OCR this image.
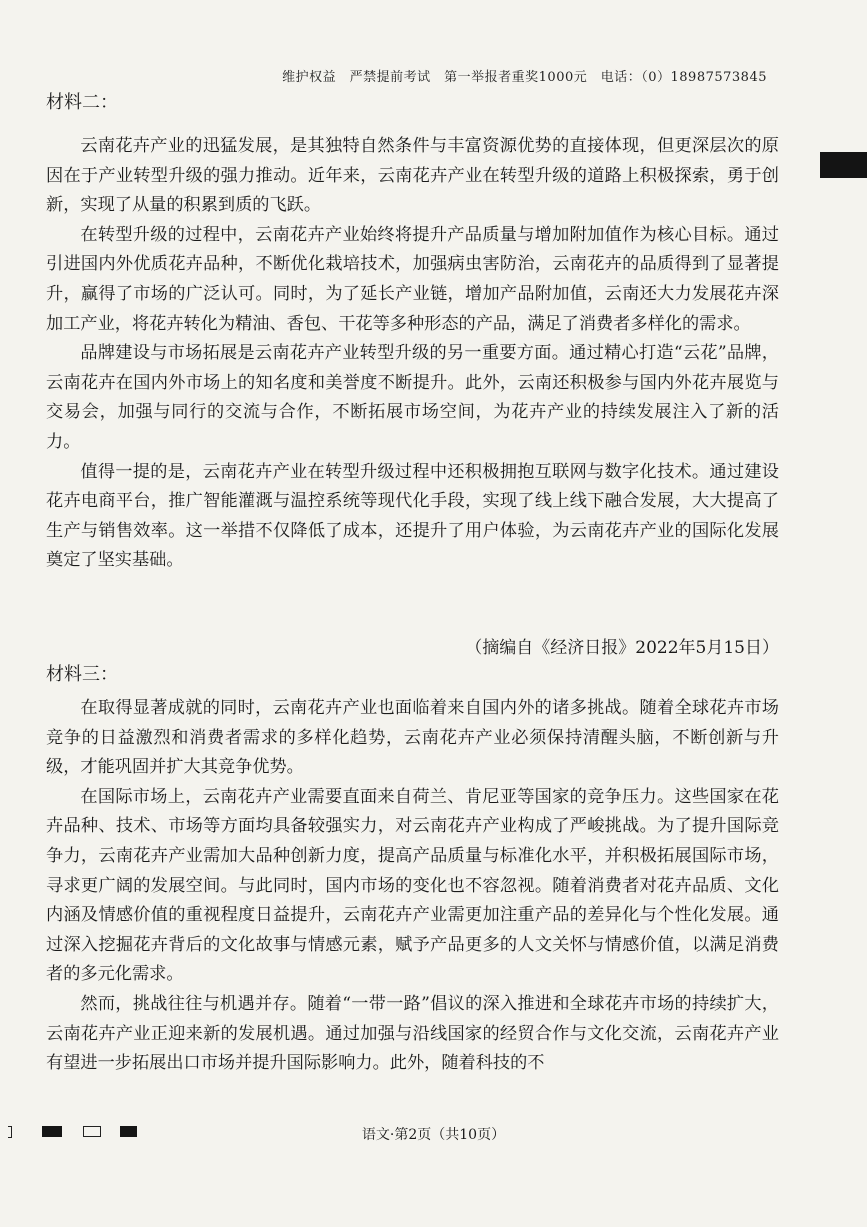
维护权益　严禁提前考试　第一举报者重奖1000元　电话：（0）18987573845
材料二：

云南花卉产业的迅猛发展，是其独特自然条件与丰富资源优势的直接体现，但更深层次的原因在于产业转型升级的强力推动。近年来，云南花卉产业在转型升级的道路上积极探索，勇于创新，实现了从量的积累到质的飞跃。

在转型升级的过程中，云南花卉产业始终将提升产品质量与增加附加值作为核心目标。通过引进国内外优质花卉品种，不断优化栽培技术，加强病虫害防治，云南花卉的品质得到了显著提升，赢得了市场的广泛认可。同时，为了延长产业链，增加产品附加值，云南还大力发展花卉深加工产业，将花卉转化为精油、香包、干花等多种形态的产品，满足了消费者多样化的需求。

品牌建设与市场拓展是云南花卉产业转型升级的另一重要方面。通过精心打造“云花”品牌，云南花卉在国内外市场上的知名度和美誉度不断提升。此外，云南还积极参与国内外花卉展览与交易会，加强与同行的交流与合作，不断拓展市场空间，为花卉产业的持续发展注入了新的活力。

值得一提的是，云南花卉产业在转型升级过程中还积极拥抱互联网与数字化技术。通过建设花卉电商平台，推广智能灌溉与温控系统等现代化手段，实现了线上线下融合发展，大大提高了生产与销售效率。这一举措不仅降低了成本，还提升了用户体验，为云南花卉产业的国际化发展奠定了坚实基础。

（摘编自《经济日报》2022年5月15日）
材料三：

在取得显著成就的同时，云南花卉产业也面临着来自国内外的诸多挑战。随着全球花卉市场竞争的日益激烈和消费者需求的多样化趋势，云南花卉产业必须保持清醒头脑，不断创新与升级，才能巩固并扩大其竞争优势。

在国际市场上，云南花卉产业需要直面来自荷兰、肯尼亚等国家的竞争压力。这些国家在花卉品种、技术、市场等方面均具备较强实力，对云南花卉产业构成了严峻挑战。为了提升国际竞争力，云南花卉产业需加大品种创新力度，提高产品质量与标准化水平，并积极拓展国际市场，寻求更广阔的发展空间。与此同时，国内市场的变化也不容忽视。随着消费者对花卉品质、文化内涵及情感价值的重视程度日益提升，云南花卉产业需更加注重产品的差异化与个性化发展。通过深入挖掘花卉背后的文化故事与情感元素，赋予产品更多的人文关怀与情感价值，以满足消费者的多元化需求。

然而，挑战往往与机遇并存。随着“一带一路”倡议的深入推进和全球花卉市场的持续扩大，云南花卉产业正迎来新的发展机遇。通过加强与沿线国家的经贸合作与文化交流，云南花卉产业有望进一步拓展出口市场并提升国际影响力。此外，随着科技的不

语文·第2页（共10页）
